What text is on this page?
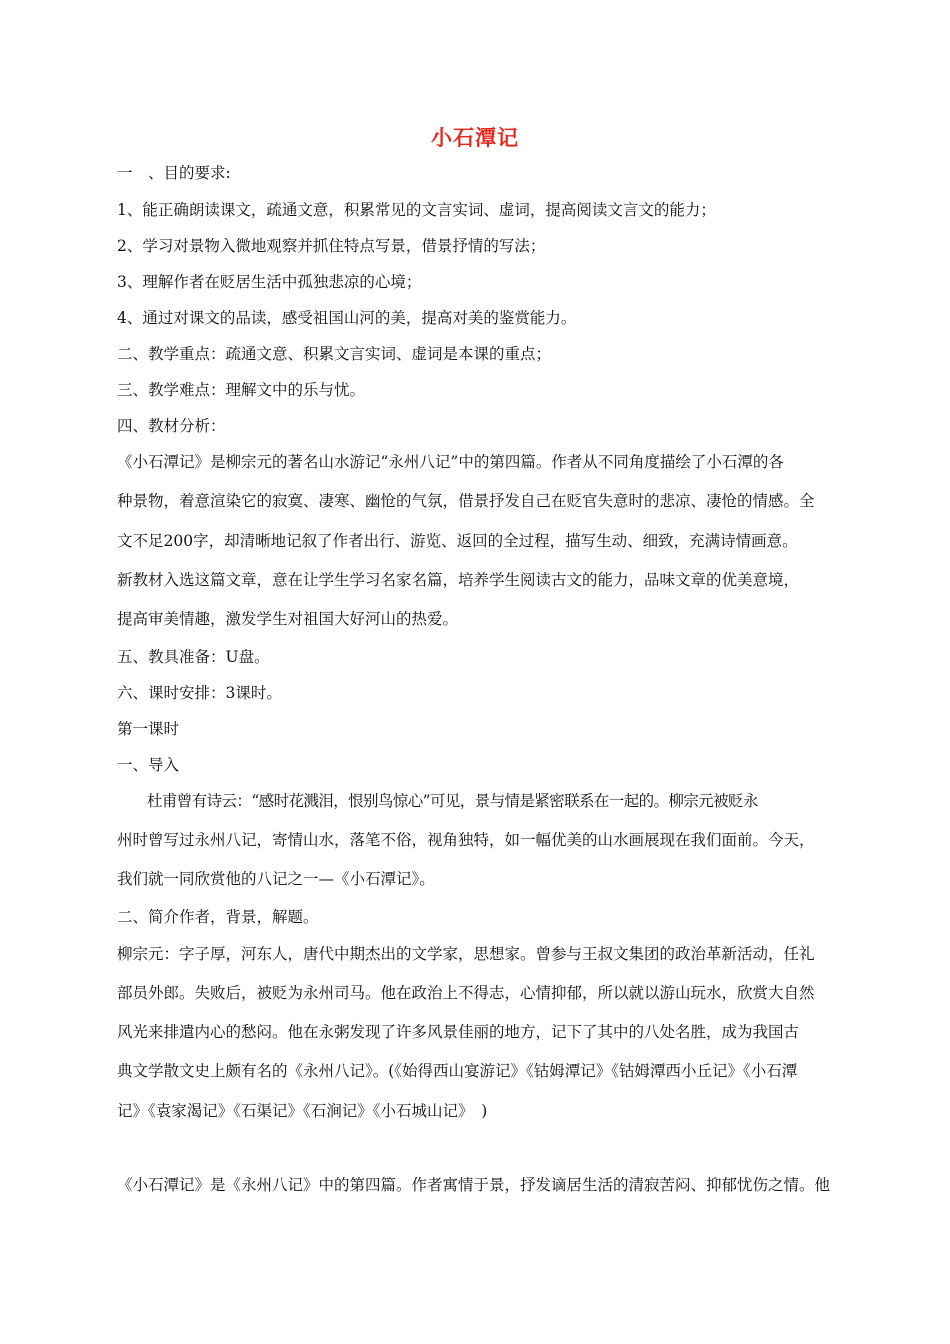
小石潭记
一　、目的要求:
1、能正确朗读课文，疏通文意，积累常见的文言实词、虚词，提高阅读文言文的能力；
2、学习对景物入微地观察并抓住特点写景，借景抒情的写法；
3、理解作者在贬居生活中孤独悲凉的心境；
4、通过对课文的品读，感受祖国山河的美，提高对美的鉴赏能力。
二、教学重点：疏通文意、积累文言实词、虚词是本课的重点；
三、教学难点：理解文中的乐与忧。
四、教材分析：
《小石潭记》是柳宗元的著名山水游记“永州八记”中的第四篇。作者从不同角度描绘了小石潭的各
种景物，着意渲染它的寂寞、凄寒、幽怆的气氛，借景抒发自己在贬官失意时的悲凉、凄怆的情感。全
文不足200字，却清晰地记叙了作者出行、游览、返回的全过程，描写生动、细致，充满诗情画意。
新教材入选这篇文章，意在让学生学习名家名篇，培养学生阅读古文的能力，品味文章的优美意境，
提高审美情趣，激发学生对祖国大好河山的热爱。
五、教具准备：U盘。
六、课时安排：3课时。
第一课时
一、导入
杜甫曾有诗云：“感时花溅泪，恨别鸟惊心”可见，景与情是紧密联系在一起的。柳宗元被贬永
州时曾写过永州八记，寄情山水，落笔不俗，视角独特，如一幅优美的山水画展现在我们面前。今天，
我们就一同欣赏他的八记之一—《小石潭记》。
二、简介作者，背景，解题。
柳宗元：字子厚，河东人，唐代中期杰出的文学家，思想家。曾参与王叔文集团的政治革新活动，任礼
部员外郎。失败后，被贬为永州司马。他在政治上不得志，心情抑郁，所以就以游山玩水，欣赏大自然
风光来排遣内心的愁闷。他在永粥发现了许多风景佳丽的地方，记下了其中的八处名胜，成为我国古
典文学散文史上颇有名的《永州八记》。(《始得西山宴游记》《钴姆潭记》《钴姆潭西小丘记》《小石潭
记》《袁家渴记》《石渠记》《石涧记》《小石城山记》　)
《小石潭记》是《永州八记》中的第四篇。作者寓情于景，抒发谪居生活的清寂苦闷、抑郁忧伤之情。他
